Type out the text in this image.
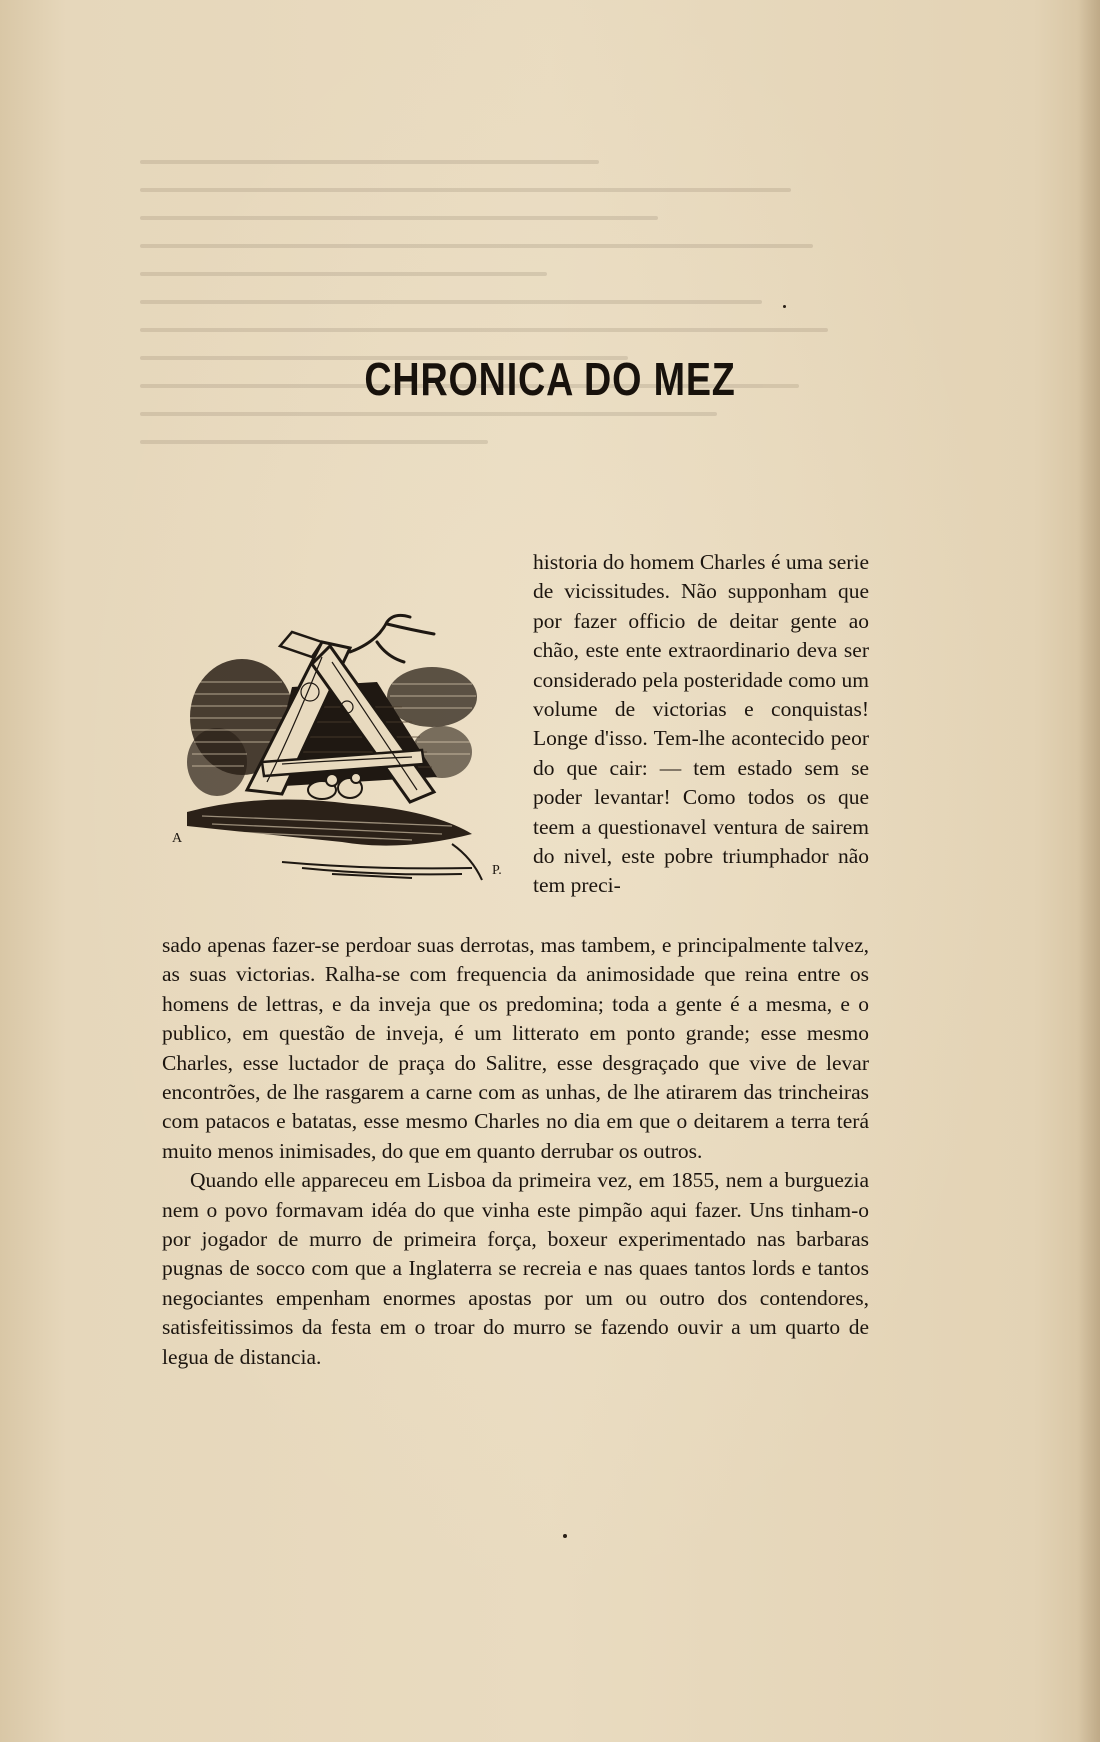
CHRONICA DO MEZ
A
P.
historia do homem Charles é uma serie de vicissitudes. Não supponham que por fazer officio de deitar gente ao chão, este ente extraordinario deva ser considerado pela posteridade como um volume de victorias e conquistas! Longe d'isso. Tem-lhe acontecido peor do que cair: — tem estado sem se poder levantar! Como todos os que teem a questionavel ventura de sairem do nivel, este pobre triumphador não tem preci-

sado apenas fazer-se perdoar suas derrotas, mas tambem, e principalmente talvez, as suas victorias. Ralha-se com frequencia da animosidade que reina entre os homens de lettras, e da inveja que os predomina; toda a gente é a mesma, e o publico, em questão de inveja, é um litterato em ponto grande; esse mesmo Charles, esse luctador de praça do Salitre, esse desgraçado que vive de levar encontrões, de lhe rasgarem a carne com as unhas, de lhe atirarem das trincheiras com patacos e batatas, esse mesmo Charles no dia em que o deitarem a terra terá muito menos inimisades, do que em quanto derrubar os outros.

Quando elle appareceu em Lisboa da primeira vez, em 1855, nem a burguezia nem o povo formavam idéa do que vinha este pimpão aqui fazer. Uns tinham-o por jogador de murro de primeira força, boxeur experimentado nas barbaras pugnas de socco com que a Inglaterra se recreia e nas quaes tantos lords e tantos negociantes empenham enormes apostas por um ou outro dos contendores, satisfeitissimos da festa em o troar do murro se fazendo ouvir a um quarto de legua de distancia.
